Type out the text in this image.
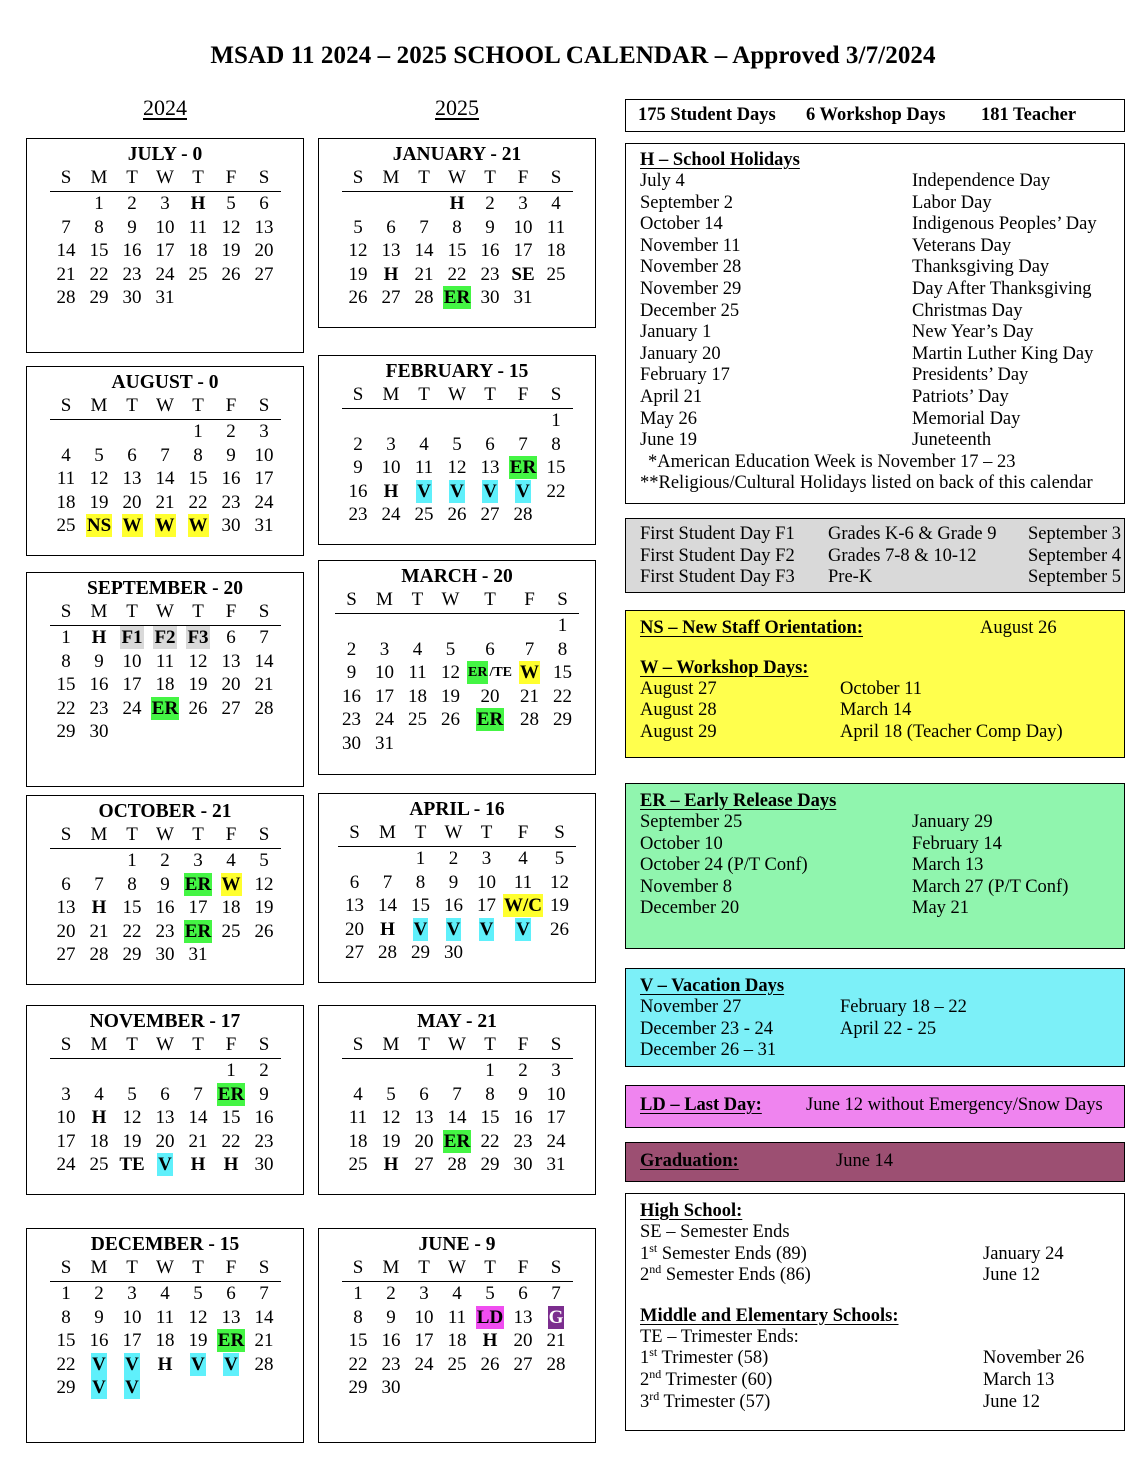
MSAD 11 2024 – 2025 SCHOOL CALENDAR – Approved 3/7/2024
2024	2025
JULY - 0
S	M	T	W	T	F	S
	1	2	3	H	5	6
7	8	9	10	11	12	13
14	15	16	17	18	19	20
21	22	23	24	25	26	27
28	29	30	31			
AUGUST - 0
S	M	T	W	T	F	S
				1	2	3
4	5	6	7	8	9	10
11	12	13	14	15	16	17
18	19	20	21	22	23	24
25	NS	W	W	W	30	31
SEPTEMBER - 20
S	M	T	W	T	F	S
1	H	F1	F2	F3	6	7
8	9	10	11	12	13	14
15	16	17	18	19	20	21
22	23	24	ER	26	27	28
29	30					
OCTOBER - 21
S	M	T	W	T	F	S
		1	2	3	4	5
6	7	8	9	ER	W	12
13	H	15	16	17	18	19
20	21	22	23	ER	25	26
27	28	29	30	31		
NOVEMBER - 17
S	M	T	W	T	F	S
					1	2
3	4	5	6	7	ER	9
10	H	12	13	14	15	16
17	18	19	20	21	22	23
24	25	TE	V	H	H	30
DECEMBER - 15
S	M	T	W	T	F	S
1	2	3	4	5	6	7
8	9	10	11	12	13	14
15	16	17	18	19	ER	21
22	V	V	H	V	V	28
29	V	V				
JANUARY - 21
S	M	T	W	T	F	S
			H	2	3	4
5	6	7	8	9	10	11
12	13	14	15	16	17	18
19	H	21	22	23	SE	25
26	27	28	ER	30	31	
FEBRUARY - 15
S	M	T	W	T	F	S
						1
2	3	4	5	6	7	8
9	10	11	12	13	ER	15
16	H	V	V	V	V	22
23	24	25	26	27	28	
MARCH - 20
S	M	T	W	T	F	S
						1
2	3	4	5	6	7	8
9	10	11	12	ER /TE	W	15
16	17	18	19	20	21	22
23	24	25	26	ER	28	29
30	31					
APRIL - 16
S	M	T	W	T	F	S
		1	2	3	4	5
6	7	8	9	10	11	12
13	14	15	16	17	W/C	19
20	H	V	V	V	V	26
27	28	29	30			
MAY - 21
S	M	T	W	T	F	S
				1	2	3
4	5	6	7	8	9	10
11	12	13	14	15	16	17
18	19	20	ER	22	23	24
25	H	27	28	29	30	31
JUNE - 9
S	M	T	W	T	F	S
1	2	3	4	5	6	7
8	9	10	11	LD	13	G
15	16	17	18	H	20	21
22	23	24	25	26	27	28
29	30					
175 Student Days 6 Workshop Days 181 Teacher
H – School Holidays
July 4	Independence Day
September 2	Labor Day
October 14	Indigenous Peoples’ Day
November 11	Veterans Day
November 28	Thanksgiving Day
November 29	Day After Thanksgiving
December 25	Christmas Day
January 1	New Year’s Day
January 20	Martin Luther King Day
February 17	Presidents’ Day
April 21	Patriots’ Day
May 26	Memorial Day
June 19	Juneteenth
*American Education Week is November 17 – 23
**Religious/Cultural Holidays listed on back of this calendar
First Student Day F1 Grades K-6 & Grade 9 September 3
First Student Day F2 Grades 7-8 & 10-12	September 4
First Student Day F3 Pre-K	September 5
NS – New Staff Orientation:	August 26
W – Workshop Days:
August 27	October 11
August 28	March 14
August 29	April 18 (Teacher Comp Day)
ER – Early Release Days
September 25	January 29
October 10	February 14
October 24 (P/T Conf)	March 13
November 8	March 27 (P/T Conf)
December 20	May 21
V – Vacation Days
November 27	February 18 – 22
December 23 - 24	April 22 - 25
December 26 – 31
LD – Last Day: June 12 without Emergency/Snow Days
Graduation:	June 14
High School:
SE – Semester Ends
1st Semester Ends (89)	January 24
2nd Semester Ends (86)	June 12
Middle and Elementary Schools:
TE – Trimester Ends:
1st Trimester (58)	November 26
2nd Trimester (60)	March 13
3rd Trimester (57)	June 12
